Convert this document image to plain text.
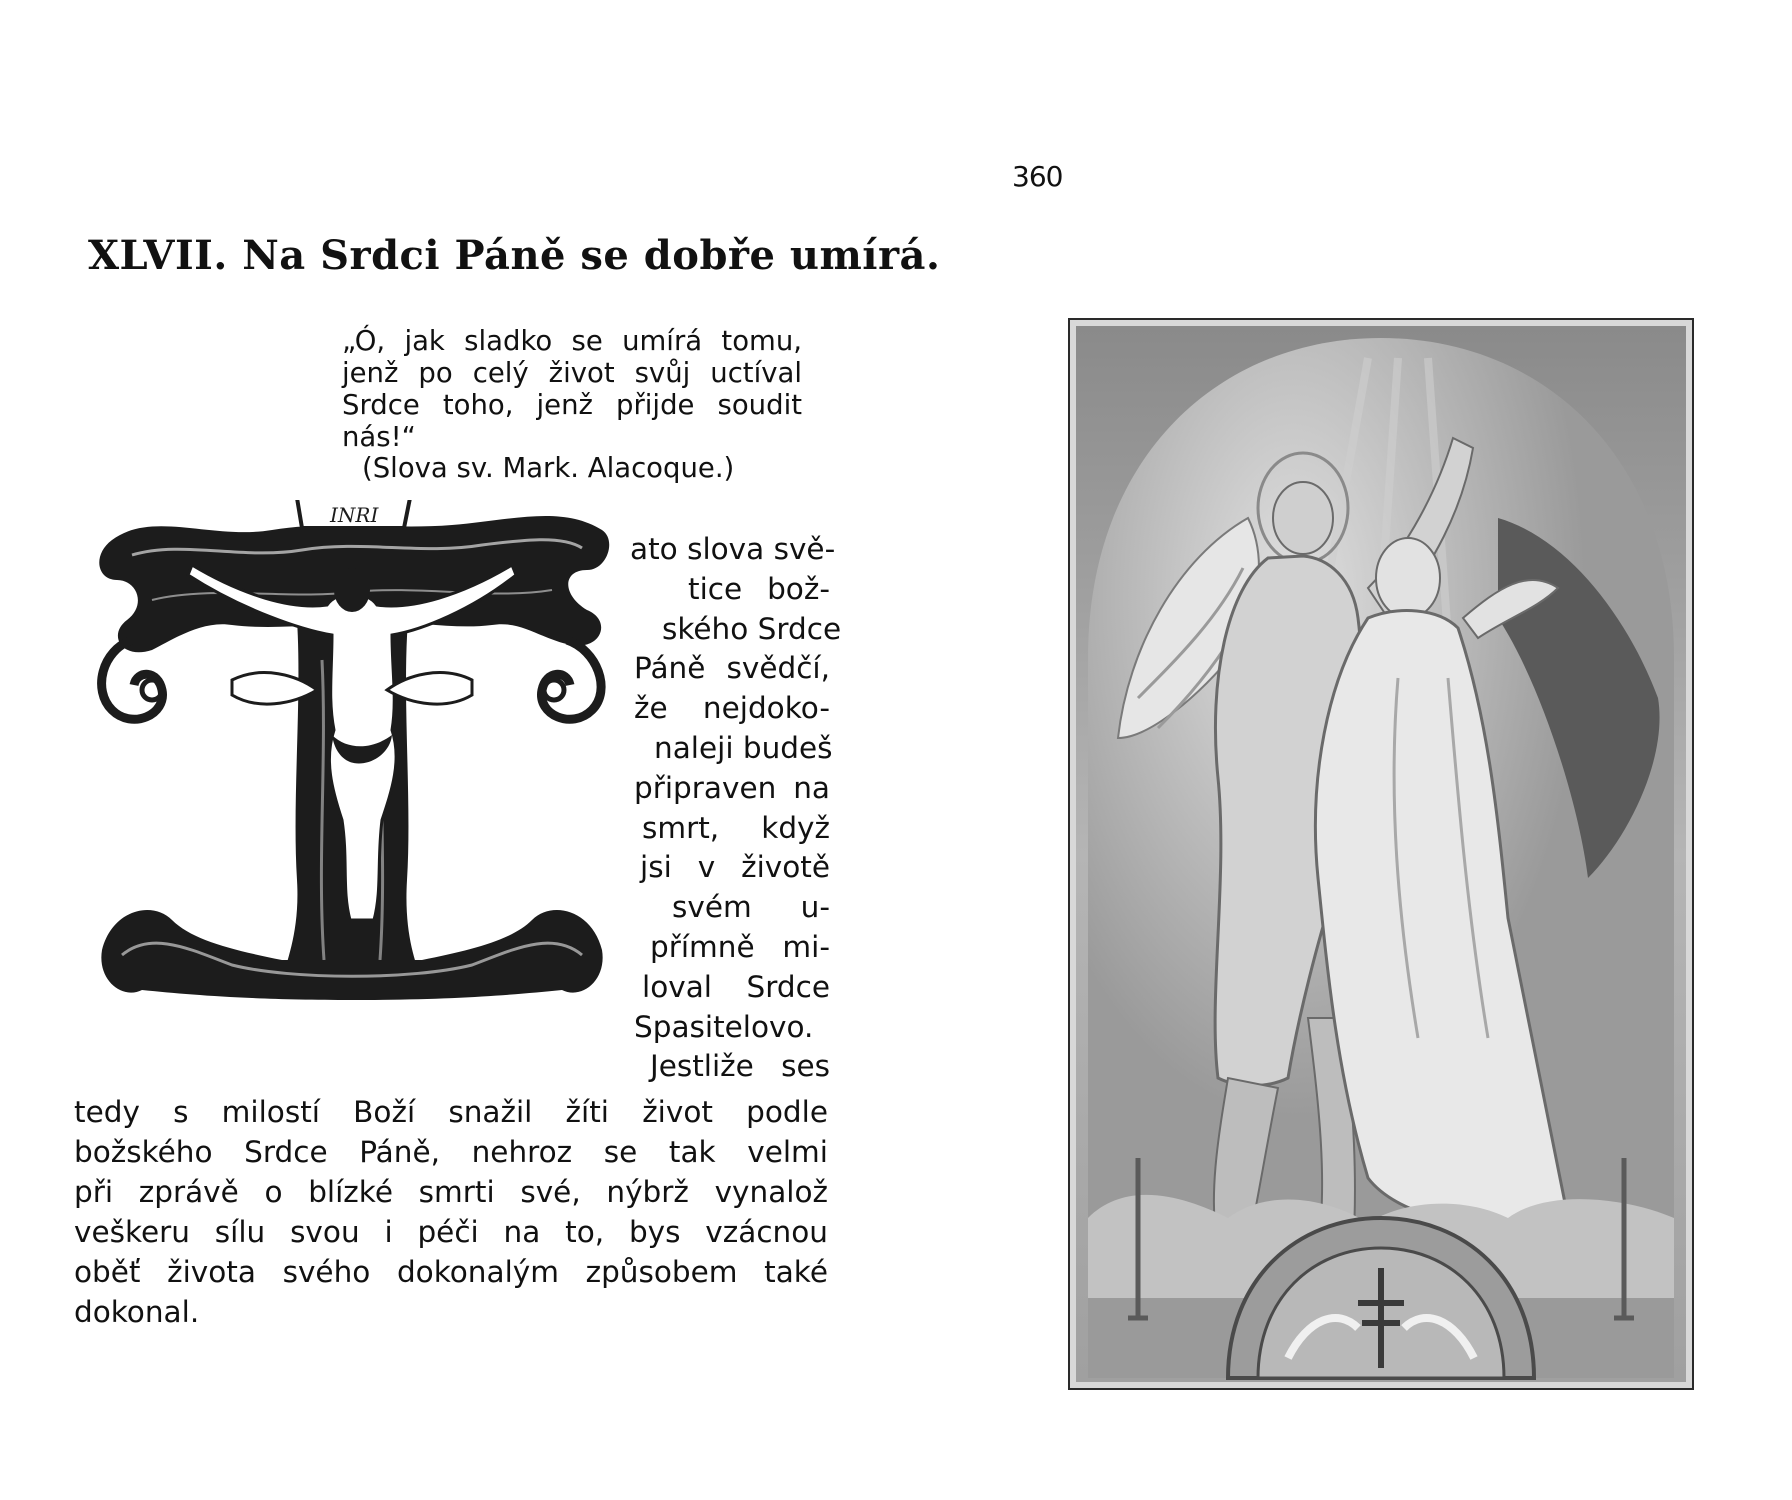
360
XLVII. Na Srdci Páně se dobře umírá.
„Ó, jak sladko se umírá tomu,
jenž po celý život svůj uctíval
Srdce toho, jenž přijde soudit
nás!“
(Slova sv. Mark. Alacoque.)
INRI
ato slova svě-
tice bož-
ského Srdce
Páně svědčí,
že nejdoko-
naleji budeš
připraven na
smrt, když
jsi v životě
svém u-
přímně mi-
loval Srdce
Spasitelovo.
Jestliže ses
tedy s milostí Boží snažil žíti život podle
božského Srdce Páně, nehroz se tak velmi
při zprávě o blízké smrti své, nýbrž vynalož
veškeru sílu svou i péči na to, bys vzácnou
oběť života svého dokonalým způsobem také
dokonal.
